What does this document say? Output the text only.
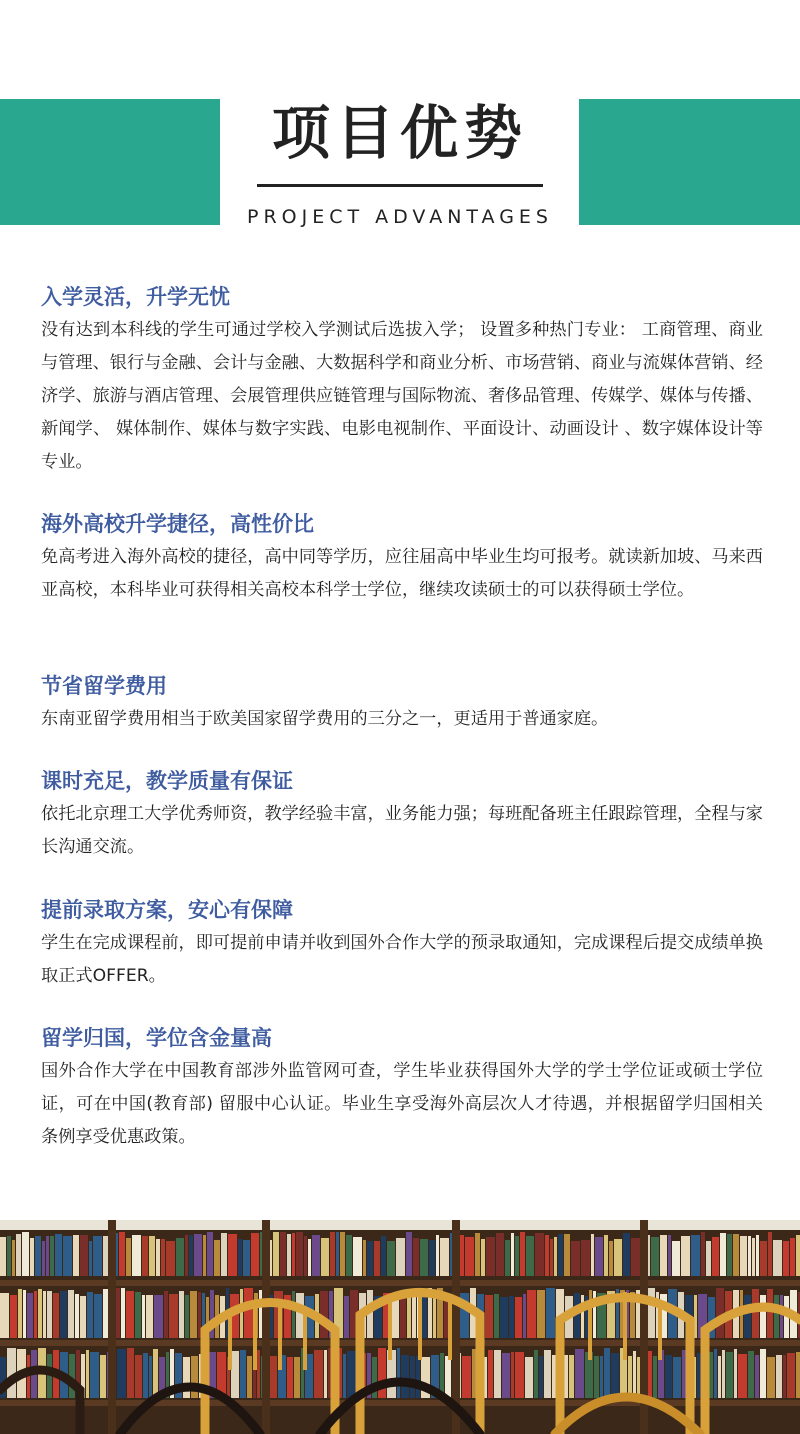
项目优势
PROJECT ADVANTAGES

入学灵活，升学无忧

没有达到本科线的学生可通过学校入学测试后选拔入学； 设置多种热门专业： 工商管理、商业与管理、银行与金融、会计与金融、大数据科学和商业分析、市场营销、商业与流媒体营销、经济学、旅游与酒店管理、会展管理供应链管理与国际物流、奢侈品管理、传媒学、媒体与传播、新闻学、 媒体制作、媒体与数字实践、电影电视制作、平面设计、动画设计 、数字媒体设计等专业。

海外高校升学捷径，高性价比

免高考进入海外高校的捷径，高中同等学历，应往届高中毕业生均可报考。就读新加坡、马来西亚高校，本科毕业可获得相关高校本科学士学位，继续攻读硕士的可以获得硕士学位。

节省留学费用

东南亚留学费用相当于欧美国家留学费用的三分之一，更适用于普通家庭。

课时充足，教学质量有保证

依托北京理工大学优秀师资，教学经验丰富，业务能力强；每班配备班主任跟踪管理，全程与家长沟通交流。

提前录取方案，安心有保障

学生在完成课程前，即可提前申请并收到国外合作大学的预录取通知，完成课程后提交成绩单换取正式OFFER。

留学归国，学位含金量高

国外合作大学在中国教育部涉外监管网可查，学生毕业获得国外大学的学士学位证或硕士学位证，可在中国(教育部) 留服中心认证。毕业生享受海外高层次人才待遇，并根据留学归国相关条例享受优惠政策。
